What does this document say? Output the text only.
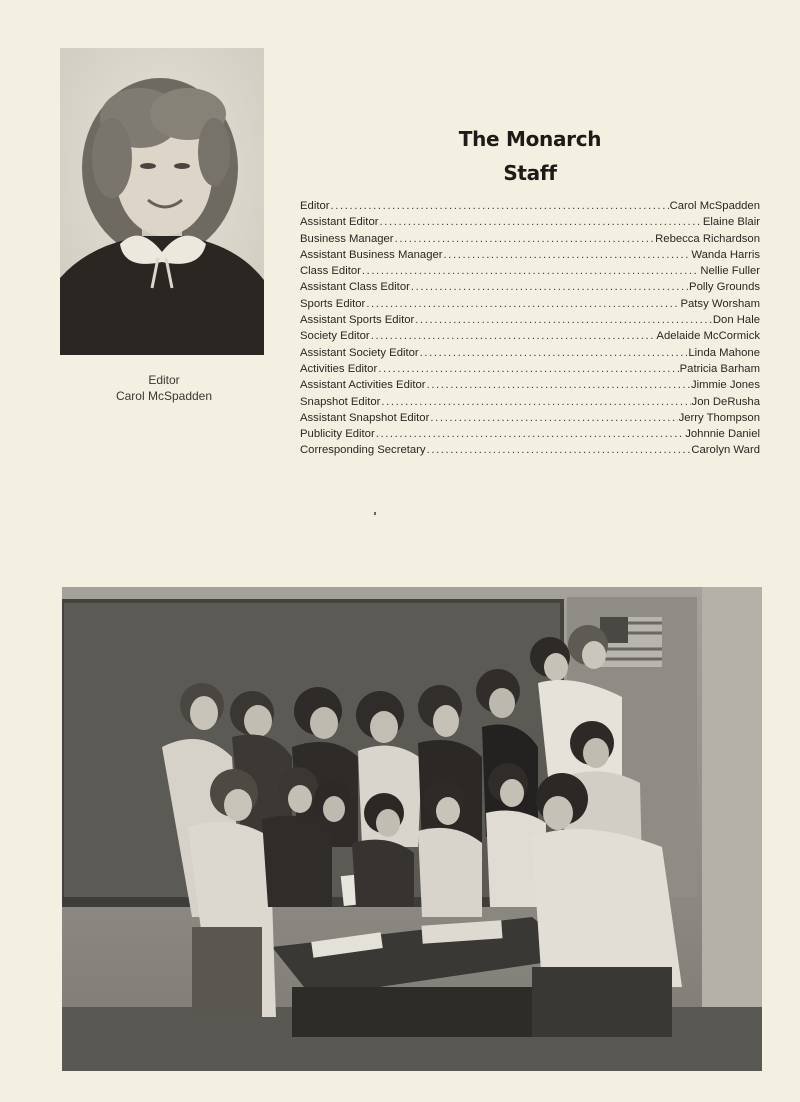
Editor
Carol McSpadden
The Monarch
Staff
Editor .....	Carol McSpadden
Assistant Editor .....	Elaine Blair
Business Manager .....	Rebecca Richardson
Assistant Business Manager .....	Wanda Harris
Class Editor .....	Nellie Fuller
Assistant Class Editor .....	Polly Grounds
Sports Editor .....	Patsy Worsham
Assistant Sports Editor .....	Don Hale
Society Editor .....	Adelaide McCormick
Assistant Society Editor .....	Linda Mahone
Activities Editor .....	Patricia Barham
Assistant Activities Editor .....	Jimmie Jones
Snapshot Editor .....	Jon DeRusha
Assistant Snapshot Editor .....	Jerry Thompson
Publicity Editor .....	Johnnie Daniel
Corresponding Secretary .....	Carolyn Ward
